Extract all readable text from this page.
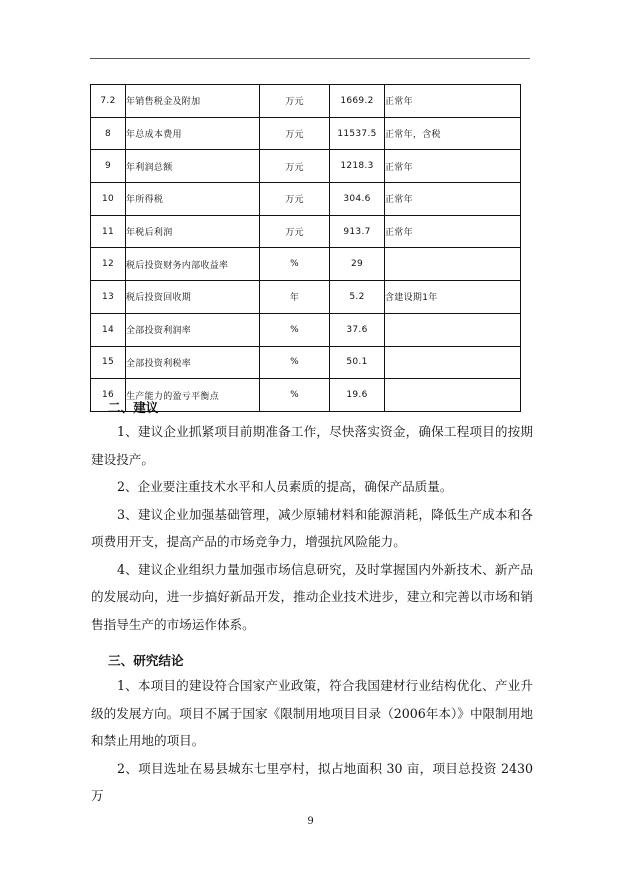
7.2	年销售税金及附加	万元	1669.2	正常年
8	年总成本费用	万元	11537.5	正常年，含税
9	年利润总额	万元	1218.3	正常年
10	年所得税	万元	304.6	正常年
11	年税后利润	万元	913.7	正常年
12	税后投资财务内部收益率	%	29	
13	税后投资回收期	年	5.2	含建设期1年
14	全部投资利润率	%	37.6	
15	全部投资利税率	%	50.1	
16	生产能力的盈亏平衡点	%	19.6	
二、建议

1、建议企业抓紧项目前期准备工作，尽快落实资金，确保工程项目的按期建设投产。

2、企业要注重技术水平和人员素质的提高，确保产品质量。

3、建议企业加强基础管理，减少原辅材料和能源消耗，降低生产成本和各项费用开支，提高产品的市场竞争力，增强抗风险能力。

4、建议企业组织力量加强市场信息研究，及时掌握国内外新技术、新产品的发展动向，进一步搞好新品开发，推动企业技术进步，建立和完善以市场和销售指导生产的市场运作体系。

三、研究结论

1、本项目的建设符合国家产业政策，符合我国建材行业结构优化、产业升级的发展方向。项目不属于国家《限制用地项目目录（2006年本）》中限制用地和禁止用地的项目。

2、项目选址在易县城东七里亭村，拟占地面积 30 亩，项目总投资 2430 万

9
